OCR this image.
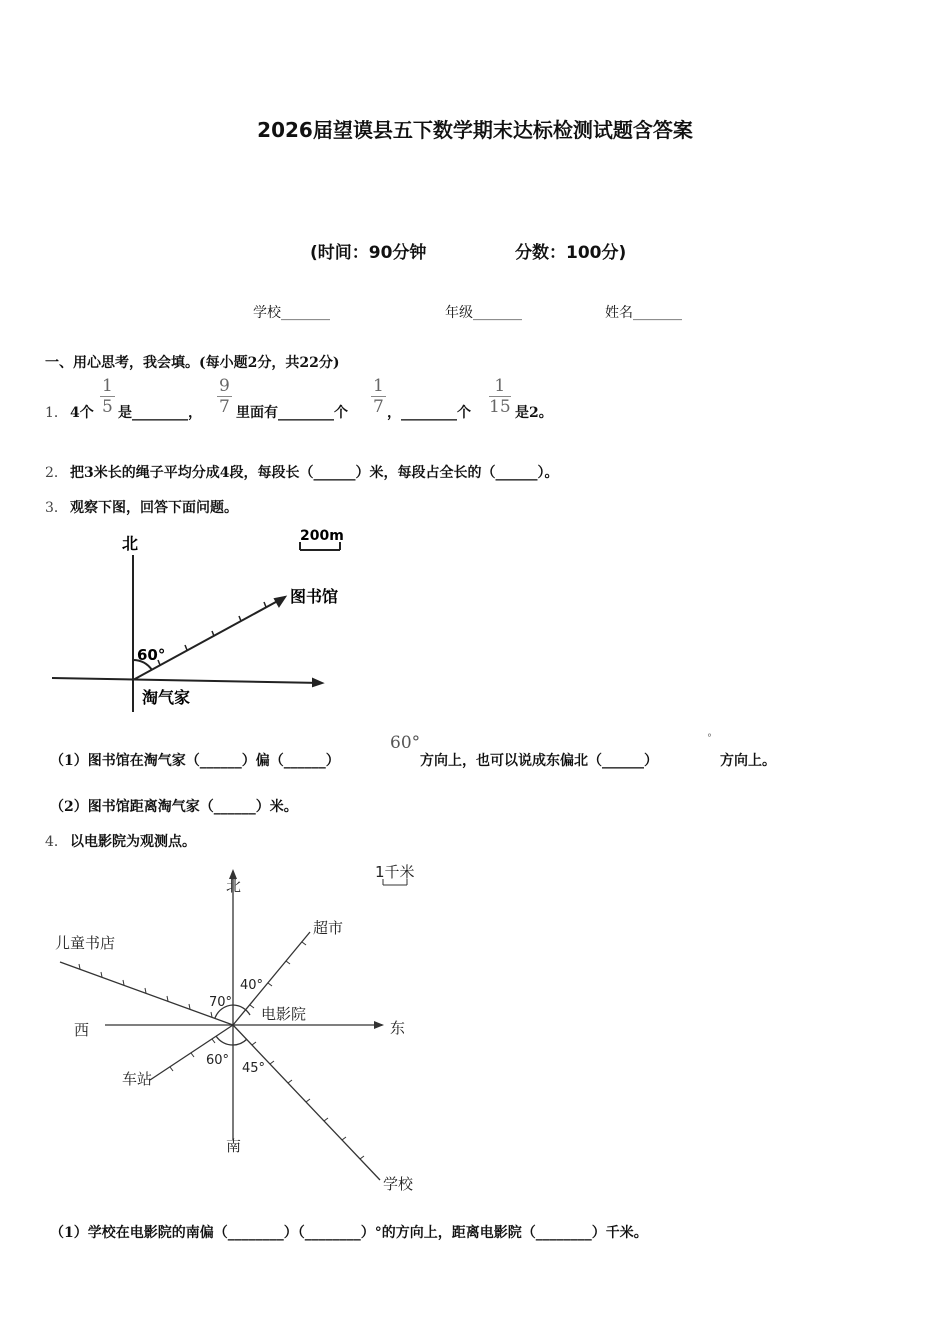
2026届望谟县五下数学期末达标检测试题含答案
(时间：90分钟	分数：100分)
学校_______	年级_______	姓名_______
一、用心思考，我会填。(每小题2分，共22分)
1． 4个 $\frac{1}{5}$ 是________， $\frac{9}{7}$ 里面有________个 $\frac{1}{7}$ ，________个 $\frac{1}{15}$ 是2。
2． 把3米长的绳子平均分成4段，每段长（______）米，每段占全长的（______）。
3． 观察下图，回答下面问题。
北	200m
图书馆
60°
淘气家
（1）图书馆在淘气家（______）偏（______）
60°
方向上，也可以说成东偏北（______）
°
方向上。
（2）图书馆距离淘气家（______）米。
4． 以电影院为观测点。
北
南
西	东
1千米
儿童书店
超市
电影院
车站
学校
40°
70°
60°
45°
（1）学校在电影院的南偏（________）（________）°的方向上，距离电影院（________）千米。
